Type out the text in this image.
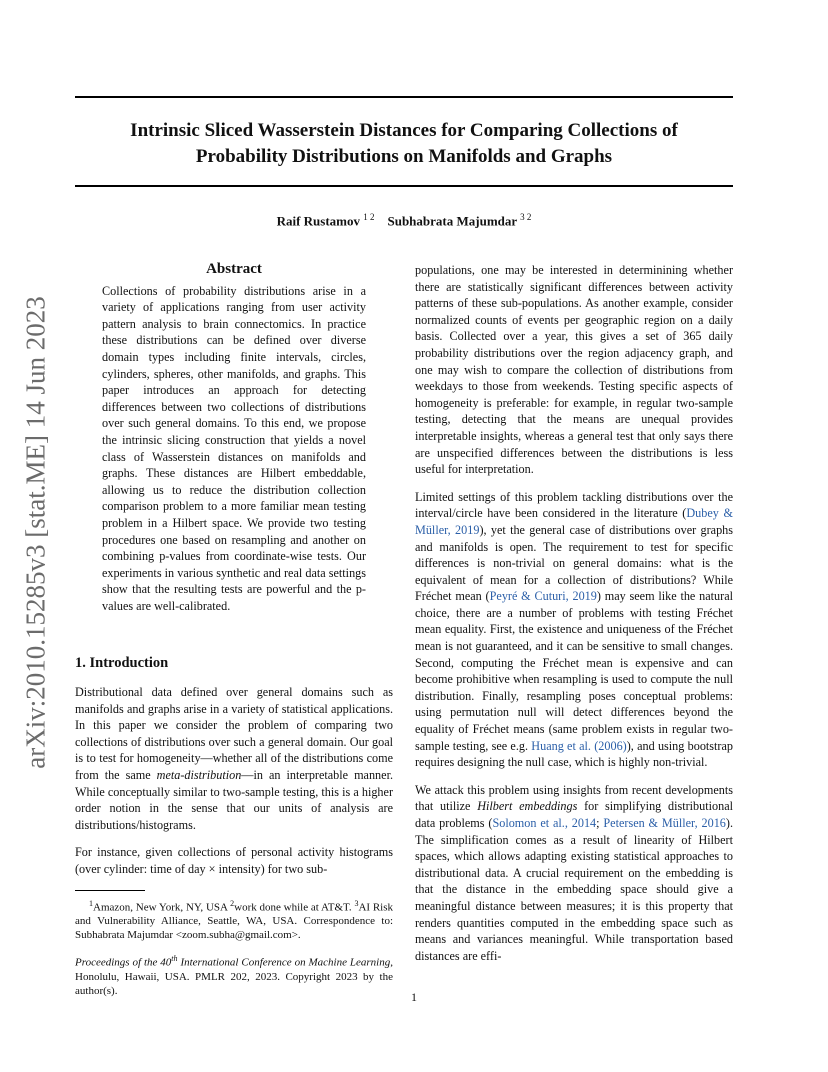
Intrinsic Sliced Wasserstein Distances for Comparing Collections of
Probability Distributions on Manifolds and Graphs
Raif Rustamov $^{1 2}$ Subhabrata Majumdar $^{3 2}$
arXiv:2010.15285v3 [stat.ME] 14 Jun 2023
Abstract

Collections of probability distributions arise in a variety of applications ranging from user activity pattern analysis to brain connectomics. In practice these distributions can be defined over diverse domain types including finite intervals, circles, cylinders, spheres, other manifolds, and graphs. This paper introduces an approach for detecting differences between two collections of distributions over such general domains. To this end, we propose the intrinsic slicing construction that yields a novel class of Wasserstein distances on manifolds and graphs. These distances are Hilbert embeddable, allowing us to reduce the distribution collection comparison problem to a more familiar mean testing problem in a Hilbert space. We provide two testing procedures one based on resampling and another on combining p-values from coordinate-wise tests. Our experiments in various synthetic and real data settings show that the resulting tests are powerful and the p-values are well-calibrated.

1. Introduction

Distributional data defined over general domains such as manifolds and graphs arise in a variety of statistical applications. In this paper we consider the problem of comparing two collections of distributions over such a general domain. Our goal is to test for homogeneity—whether all of the distributions come from the same meta-distribution—in an interpretable manner. While conceptually similar to two-sample testing, this is a higher order notion in the sense that our units of analysis are distributions/histograms.

For instance, given collections of personal activity histograms (over cylinder: time of day × intensity) for two sub-

$^1$Amazon, New York, NY, USA $^2$work done while at AT&T. $^3$AI Risk and Vulnerability Alliance, Seattle, WA, USA. Correspondence to: Subhabrata Majumdar <zoom.subha@gmail.com>.

Proceedings of the 40th International Conference on Machine Learning, Honolulu, Hawaii, USA. PMLR 202, 2023. Copyright 2023 by the author(s).

populations, one may be interested in determinining whether there are statistically significant differences between activity patterns of these sub-populations. As another example, consider normalized counts of events per geographic region on a daily basis. Collected over a year, this gives a set of 365 daily probability distributions over the region adjacency graph, and one may wish to compare the collection of distributions from weekdays to those from weekends. Testing specific aspects of homogeneity is preferable: for example, in regular two-sample testing, detecting that the means are unequal provides interpretable insights, whereas a general test that only says there are unspecified differences between the distributions is less useful for interpretation.

Limited settings of this problem tackling distributions over the interval/circle have been considered in the literature (Dubey & Müller, 2019), yet the general case of distributions over graphs and manifolds is open. The requirement to test for specific differences is non-trivial on general domains: what is the equivalent of mean for a collection of distributions? While Fréchet mean (Peyré & Cuturi, 2019) may seem like the natural choice, there are a number of problems with testing Fréchet mean equality. First, the existence and uniqueness of the Fréchet mean is not guaranteed, and it can be sensitive to small changes. Second, computing the Fréchet mean is expensive and can become prohibitive when resampling is used to compute the null distribution. Finally, resampling poses conceptual problems: using permutation null will detect differences beyond the equality of Fréchet means (same problem exists in regular two-sample testing, see e.g. Huang et al. (2006)), and using bootstrap requires designing the null case, which is highly non-trivial.

We attack this problem using insights from recent developments that utilize Hilbert embeddings for simplifying distributional data problems (Solomon et al., 2014; Petersen & Müller, 2016). The simplification comes as a result of linearity of Hilbert spaces, which allows adapting existing statistical approaches to distributional data. A crucial requirement on the embedding is that the distance in the embedding space should give a meaningful distance between measures; it is this property that renders quantities computed in the embedding space such as means and variances meaningful. While transportation based distances are effi-

1
